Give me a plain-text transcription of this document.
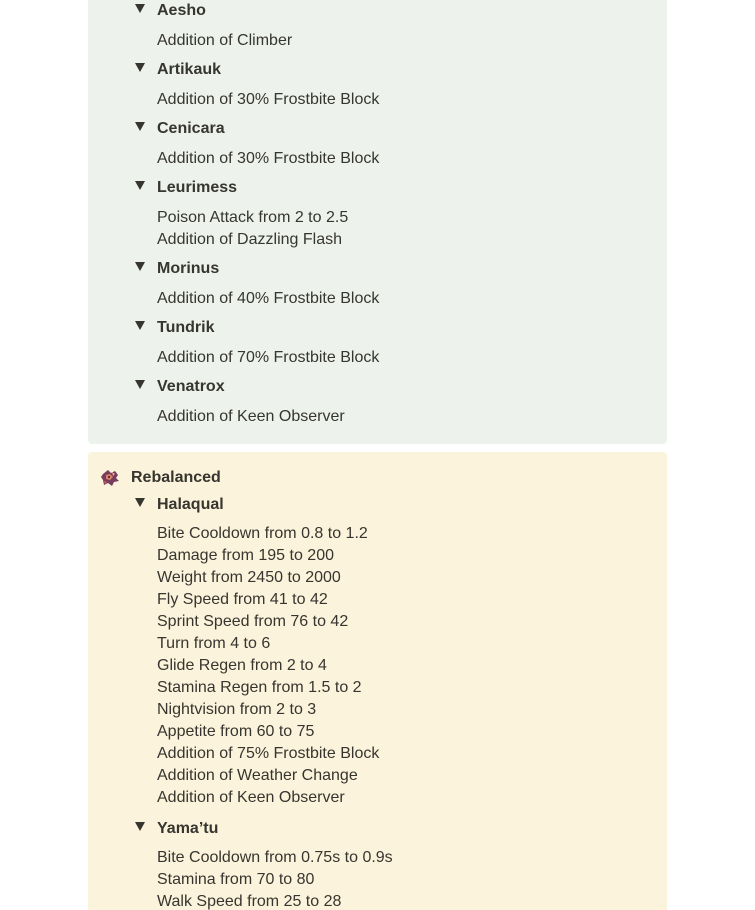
Aesho
Addition of Climber
Artikauk
Addition of 30% Frostbite Block
Cenicara
Addition of 30% Frostbite Block
Leurimess
Poison Attack from 2 to 2.5
Addition of Dazzling Flash
Morinus
Addition of 40% Frostbite Block
Tundrik
Addition of 70% Frostbite Block
Venatrox
Addition of Keen Observer
Rebalanced
Halaqual
Bite Cooldown from 0.8 to 1.2
Damage from 195 to 200
Weight from 2450 to 2000
Fly Speed from 41 to 42
Sprint Speed from 76 to 42
Turn from 4 to 6
Glide Regen from 2 to 4
Stamina Regen from 1.5 to 2
Nightvision from 2 to 3
Appetite from 60 to 75
Addition of 75% Frostbite Block
Addition of Weather Change
Addition of Keen Observer
Yama’tu
Bite Cooldown from 0.75s to 0.9s
Stamina from 70 to 80
Walk Speed from 25 to 28
